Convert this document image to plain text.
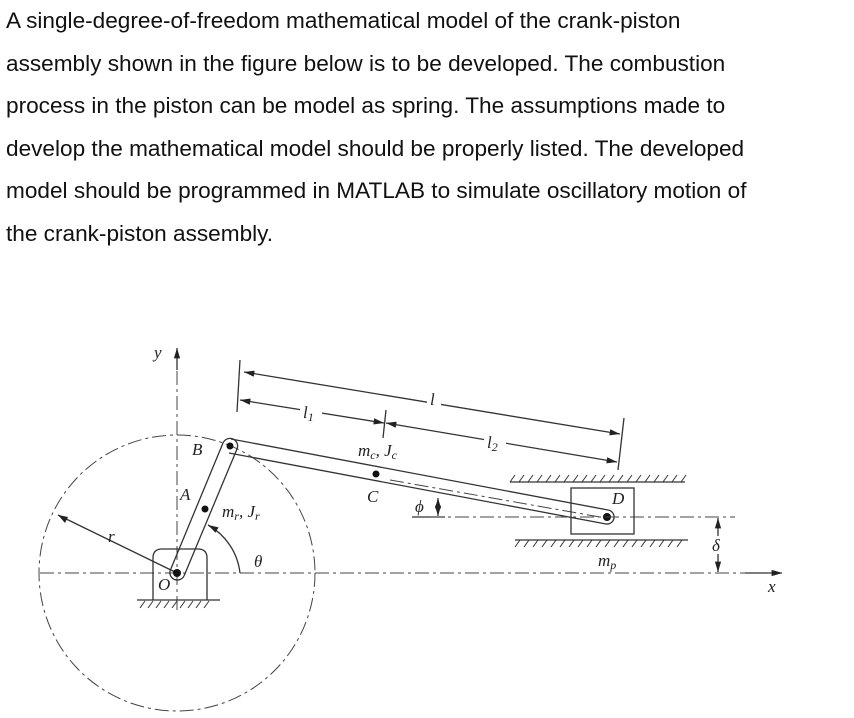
A single-degree-of-freedom mathematical model of the crank-piston
assembly shown in the figure below is to be developed. The combustion
process in the piston can be model as spring. The assumptions made to
develop the mathematical model should be properly listed. The developed
model should be programmed in MATLAB to simulate oscillatory motion of
the crank-piston assembly.
y
x
r
θ
B
A
O
mr, Jr
mc, Jc
C
ϕ
l
l1
l2
D
mp
δ
